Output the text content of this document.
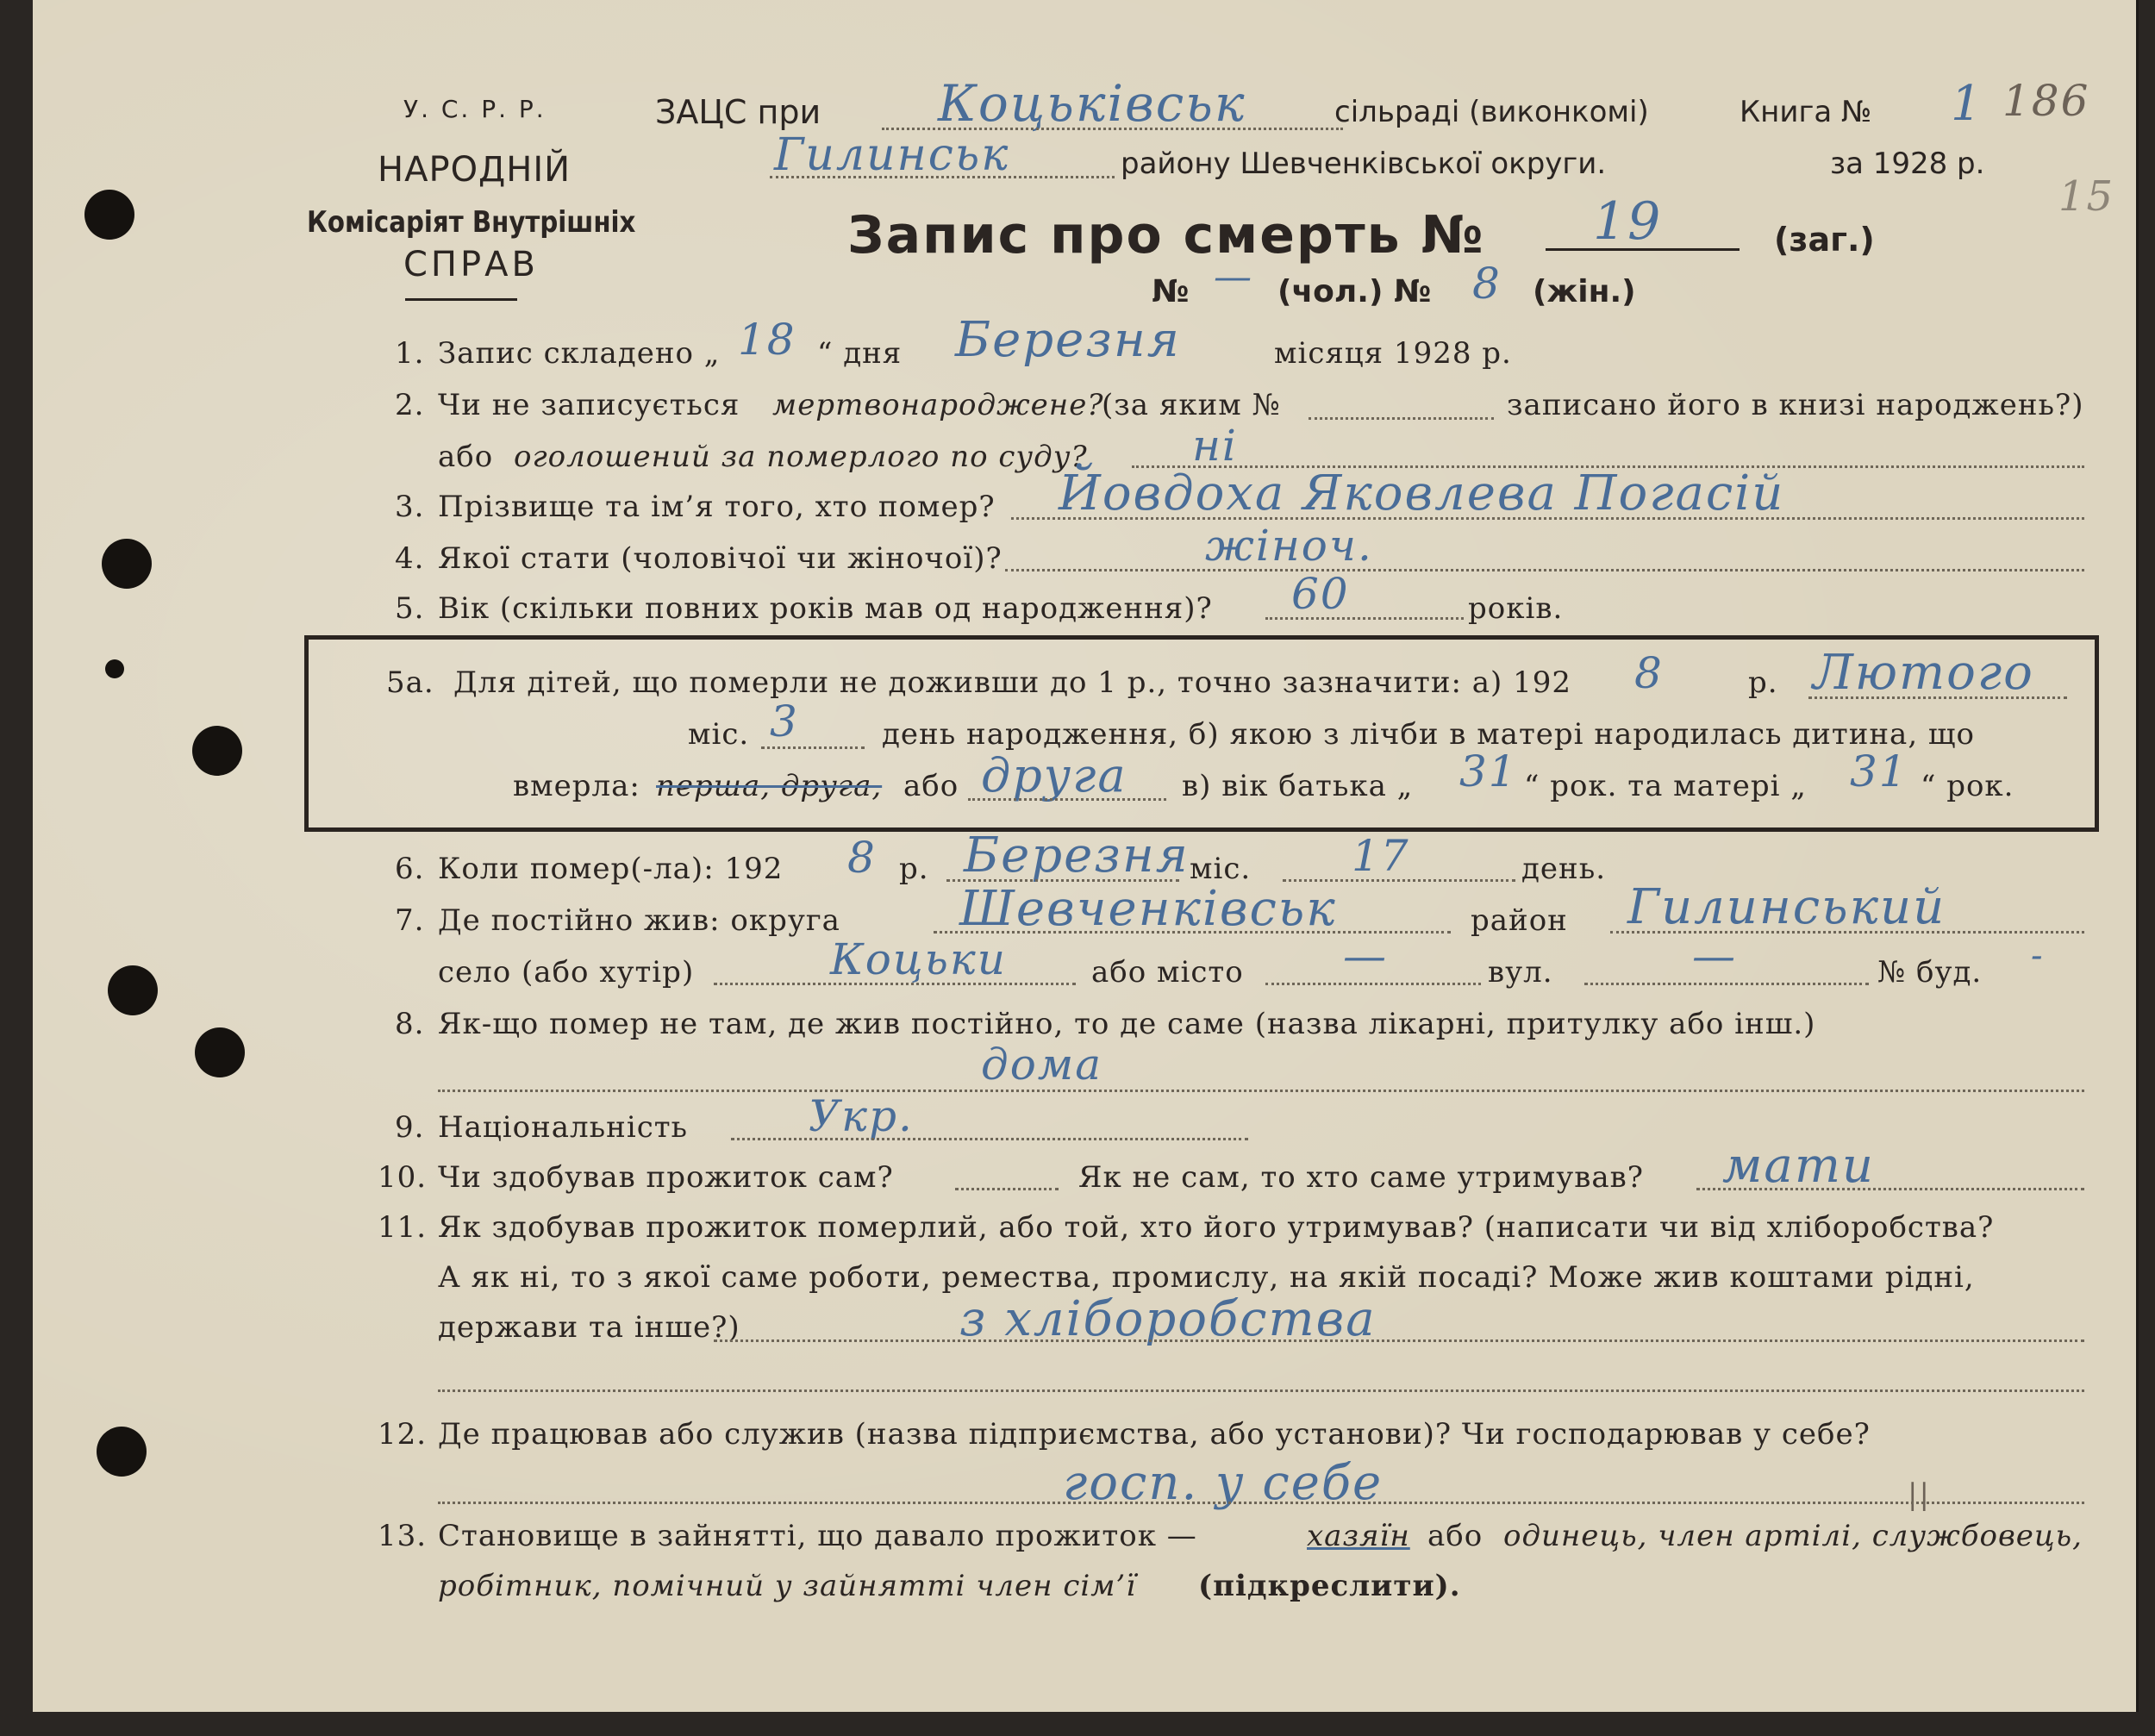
У. С. Р. Р.
НАРОДНІЙ
Комісаріят Внутрішніх
СПРАВ
ЗАЦС при Коцьківськ	сільраді (виконкомі)	Книга № 1 186
15
Гилинськ	району Шевченківської округи.	за 1928 р.
Запис про смерть № 19	(заг.)
№ — (чол.) № 8 (жін.)
1. Запис складено „ 18 “ дня Березня	місяця 1928 р.
2. Чи не записується мертвонароджене?
(за яким №	записано його в книзі народжень?)
або оголошений за померлого по суду? ні
3. Прізвище та ім’я того, хто помер? Йовдоха Яковлева Погасій
4. Якої стати (чоловічої чи жіночої)?	жіноч.
5. Вік (скільки повних років мав од народження)? 60	років.
5а. Для дітей, що померли не доживши до 1 р., точно зазначити: а) 192 8	р. Лютого
міс. 3	день народження, б) якою з лічби в матері народилась дитина, що
вмерла: перша, друга, або друга в) вік батька „ 31 “ рок. та матері „ 31 “ рок.
6. Коли помер(-ла): 192 8 р. Березня міс. 17	день.
7. Де постійно жив: округа Шевченківськ	район Гилинський
село (або хутір)	Коцьки	або місто —	вул.	—	№ буд. -
8. Як-що помер не там, де жив постійно, то де саме (назва лікарні, притулку або інш.)
дома
9. Національність	Укр.
10. Чи здобував прожиток сам?	Як не сам, то хто саме утримував? мати
11. Як здобував прожиток померлий, або той, хто його утримував? (написати чи від хліборобства?
А як ні, то з якої саме роботи, ремества, промислу, на якій посаді? Може жив коштами рідні,
держави та інше?)	з хліборобства
12. Де працював або служив (назва підприємства, або установи)? Чи господарював у себе?
госп. у себе	||
13. Становище в зайнятті, що давало прожиток —	хазяїн або одинець, член артілі, службовець,
робітник, помічний у зайнятті член сім’ї (підкреслити).
